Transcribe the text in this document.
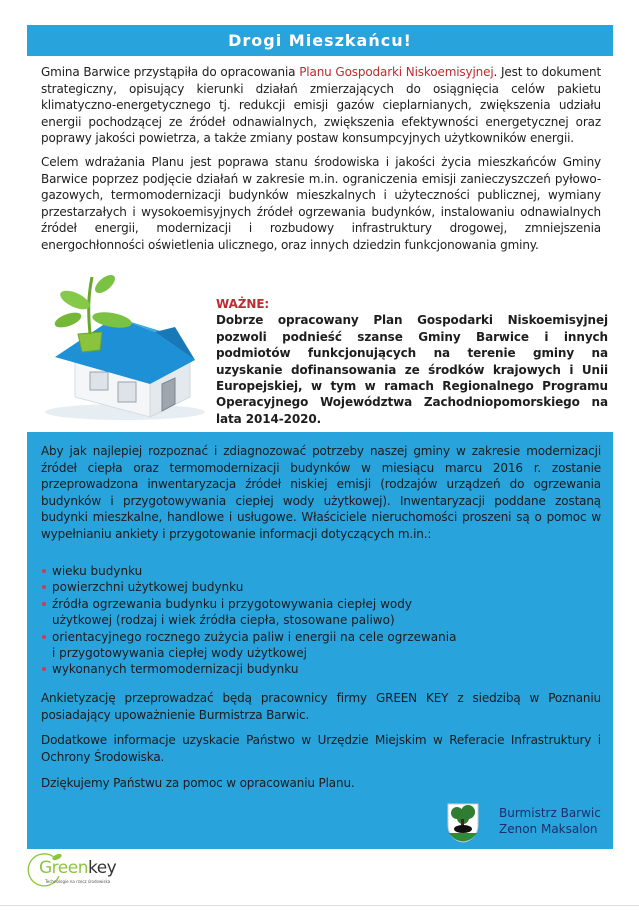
Drogi Mieszkańcu!

Gmina Barwice przystąpiła do opracowania Planu Gospodarki Niskoemisyjnej. Jest to dokument strategiczny, opisujący kierunki działań zmierzających do osiągnięcia celów pakietu klimatyczno-energetycznego tj. redukcji emisji gazów cieplarnianych, zwiększenia udziału energii pochodzącej ze źródeł odnawialnych, zwiększenia efektywności energetycznej oraz poprawy jakości powietrza, a także zmiany postaw konsumpcyjnych użytkowników energii.

Celem wdrażania Planu jest poprawa stanu środowiska i jakości życia mieszkańców Gminy Barwice poprzez podjęcie działań w zakresie m.in. ograniczenia emisji zanieczyszczeń pyłowo-gazowych, termomodernizacji budynków mieszkalnych i użyteczności publicznej, wymiany przestarzałych i wysokoemisyjnych źródeł ogrzewania budynków, instalowaniu odnawialnych źródeł energii, modernizacji i rozbudowy infrastruktury drogowej, zmniejszenia energochłonności oświetlenia ulicznego, oraz innych dziedzin funkcjonowania gminy.

WAŻNE:
Dobrze opracowany Plan Gospodarki Niskoemisyjnej pozwoli podnieść szanse Gminy Barwice i innych podmiotów funkcjonujących na terenie gminy na uzyskanie dofinansowania ze środków krajowych i Unii Europejskiej, w tym w ramach Regionalnego Programu Operacyjnego Województwa Zachodniopomorskiego na lata 2014-2020.

Aby jak najlepiej rozpoznać i zdiagnozować potrzeby naszej gminy w zakresie modernizacji źródeł ciepła oraz termomodernizacji budynków w miesiącu marcu 2016 r. zostanie przeprowadzona inwentaryzacja źródeł niskiej emisji (rodzajów urządzeń do ogrzewania budynków i przygotowywania ciepłej wody użytkowej). Inwentaryzacji poddane zostaną budynki mieszkalne, handlowe i usługowe. Właściciele nieruchomości proszeni są o pomoc w wypełnianiu ankiety i przygotowanie informacji dotyczących m.in.:

wieku budynku
powierzchni użytkowej budynku
źródła ogrzewania budynku i przygotowywania ciepłej wody użytkowej (rodzaj i wiek źródła ciepła, stosowane paliwo)
orientacyjnego rocznego zużycia paliw i energii na cele ogrzewania i przygotowywania ciepłej wody użytkowej
wykonanych termomodernizacji budynku

Ankietyzację przeprowadzać będą pracownicy firmy GREEN KEY z siedzibą w Poznaniu posiadający upoważnienie Burmistrza Barwic.

Dodatkowe informacje uzyskacie Państwo w Urzędzie Miejskim w Referacie Infrastruktury i Ochrony Środowiska.

Dziękujemy Państwu za pomoc w opracowaniu Planu.

Burmistrz Barwic
Zenon Maksalon
Greenkey
Technologie na rzecz środowiska
